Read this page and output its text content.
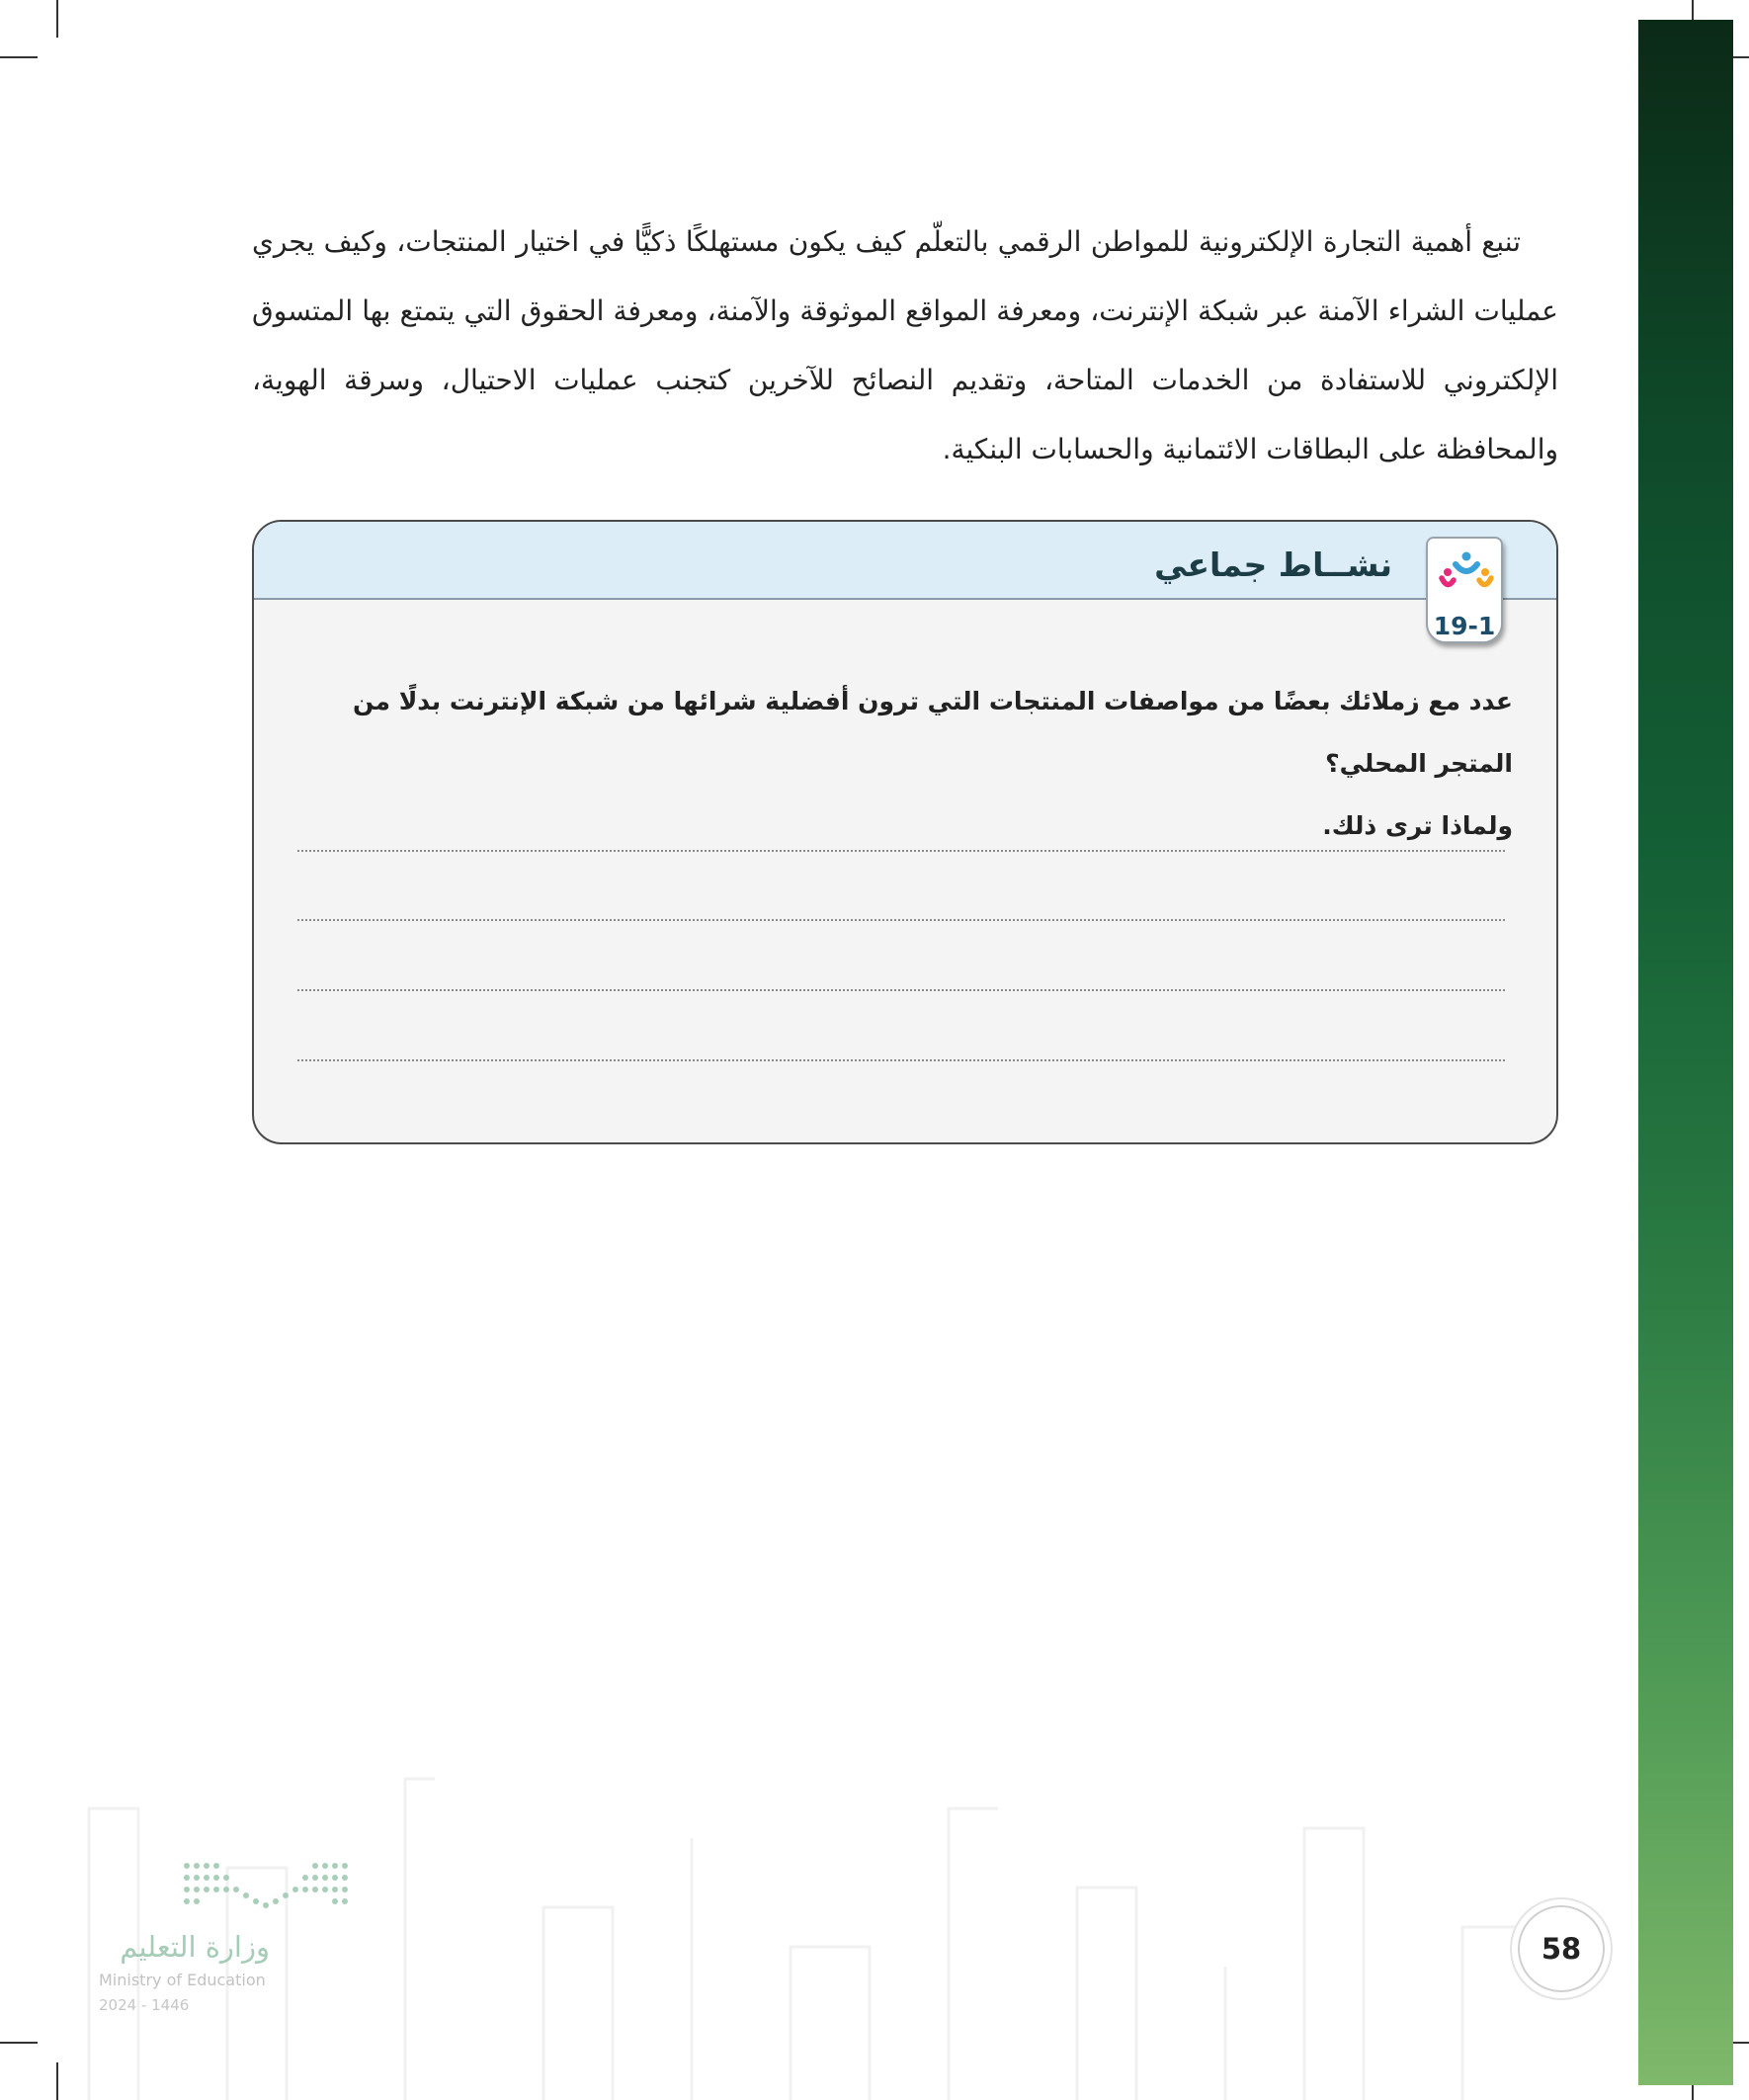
تنبع أهمية التجارة الإلكترونية للمواطن الرقمي بالتعلّم كيف يكون مستهلكًا ذكيًّا في اختيار المنتجات، وكيف يجري عمليات الشراء الآمنة عبر شبكة الإنترنت، ومعرفة المواقع الموثوقة والآمنة، ومعرفة الحقوق التي يتمتع بها المتسوق الإلكتروني للاستفادة من الخدمات المتاحة، وتقديم النصائح للآخرين كتجنب عمليات الاحتيال، وسرقة الهوية، والمحافظة على البطاقات الائتمانية والحسابات البنكية.

نشــاط جماعي

عدد مع زملائك بعضًا من مواصفات المنتجات التي ترون أفضلية شرائها من شبكة الإنترنت بدلًا من المتجر المحلي؟

ولماذا ترى ذلك.

19-1
وزارة التعليم
Ministry of Education
2024 - 1446
58
